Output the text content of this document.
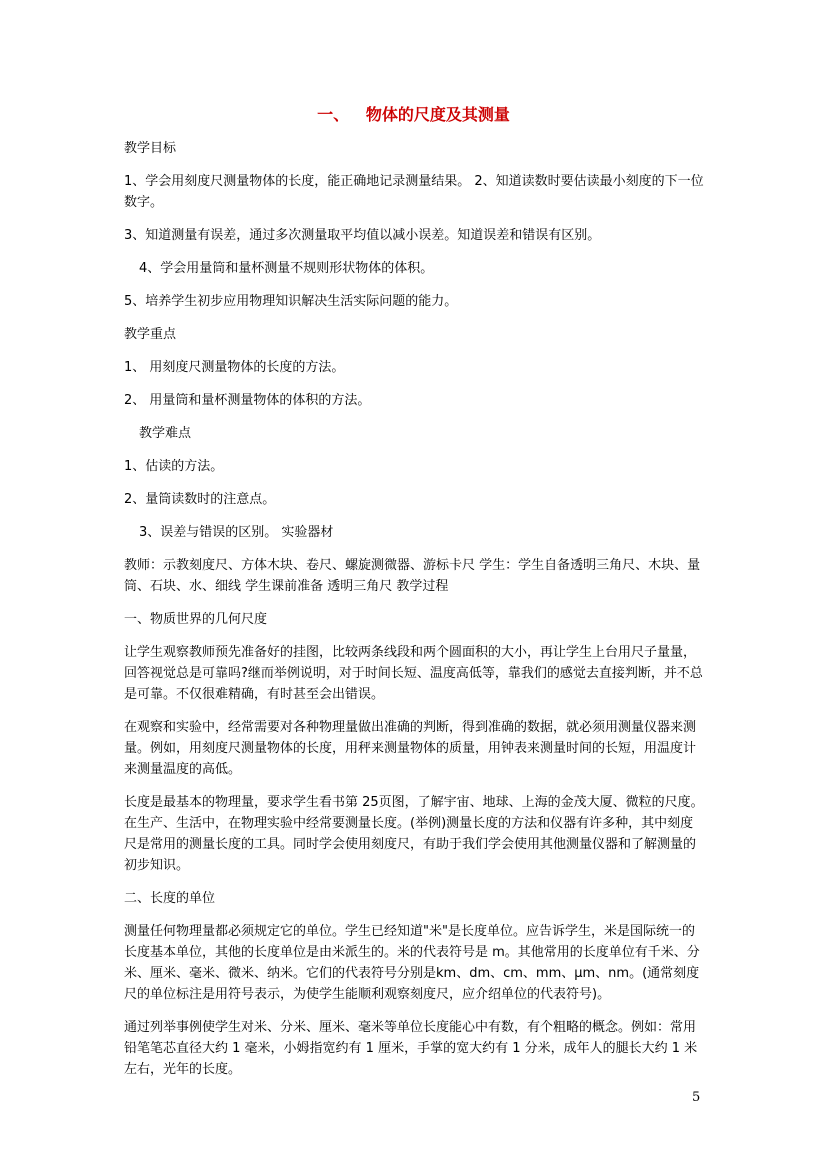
一、   物体的尺度及其测量

教学目标

1、学会用刻度尺测量物体的长度，能正确地记录测量结果。 2、知道读数时要估读最小刻度的下一位数字。

3、知道测量有误差，通过多次测量取平均值以减小误差。知道误差和错误有区别。

4、学会用量筒和量杯测量不规则形状物体的体积。

5、培养学生初步应用物理知识解决生活实际问题的能力。

教学重点

1、 用刻度尺测量物体的长度的方法。

2、 用量筒和量杯测量物体的体积的方法。

教学难点

1、估读的方法。

2、量筒读数时的注意点。

3、误差与错误的区别。 实验器材

教师：示教刻度尺、方体木块、卷尺、螺旋测微器、游标卡尺 学生：学生自备透明三角尺、木块、量筒、石块、水、细线 学生课前准备 透明三角尺 教学过程

一、物质世界的几何尺度

让学生观察教师预先准备好的挂图，比较两条线段和两个圆面积的大小，再让学生上台用尺子量量，回答视觉总是可靠吗?继而举例说明，对于时间长短、温度高低等，靠我们的感觉去直接判断，并不总是可靠。不仅很难精确，有时甚至会出错误。

在观察和实验中，经常需要对各种物理量做出准确的判断，得到准确的数据，就必须用测量仪器来测量。例如，用刻度尺测量物体的长度，用秤来测量物体的质量，用钟表来测量时间的长短，用温度计来测量温度的高低。

长度是最基本的物理量，要求学生看书第 25页图，了解宇宙、地球、上海的金茂大厦、微粒的尺度。在生产、生活中，在物理实验中经常要测量长度。(举例)测量长度的方法和仪器有许多种，其中刻度尺是常用的测量长度的工具。同时学会使用刻度尺，有助于我们学会使用其他测量仪器和了解测量的初步知识。

二、长度的单位

测量任何物理量都必须规定它的单位。学生已经知道"米"是长度单位。应告诉学生，米是国际统一的长度基本单位，其他的长度单位是由米派生的。米的代表符号是 m。其他常用的长度单位有千米、分米、厘米、毫米、微米、纳米。它们的代表符号分别是km、dm、cm、mm、μm、nm。(通常刻度尺的单位标注是用符号表示，为使学生能顺利观察刻度尺，应介绍单位的代表符号)。

通过列举事例使学生对米、分米、厘米、毫米等单位长度能心中有数，有个粗略的概念。例如：常用铅笔笔芯直径大约 1 毫米，小姆指宽约有 1 厘米，手掌的宽大约有 1 分米，成年人的腿长大约 1 米左右，光年的长度。

5
